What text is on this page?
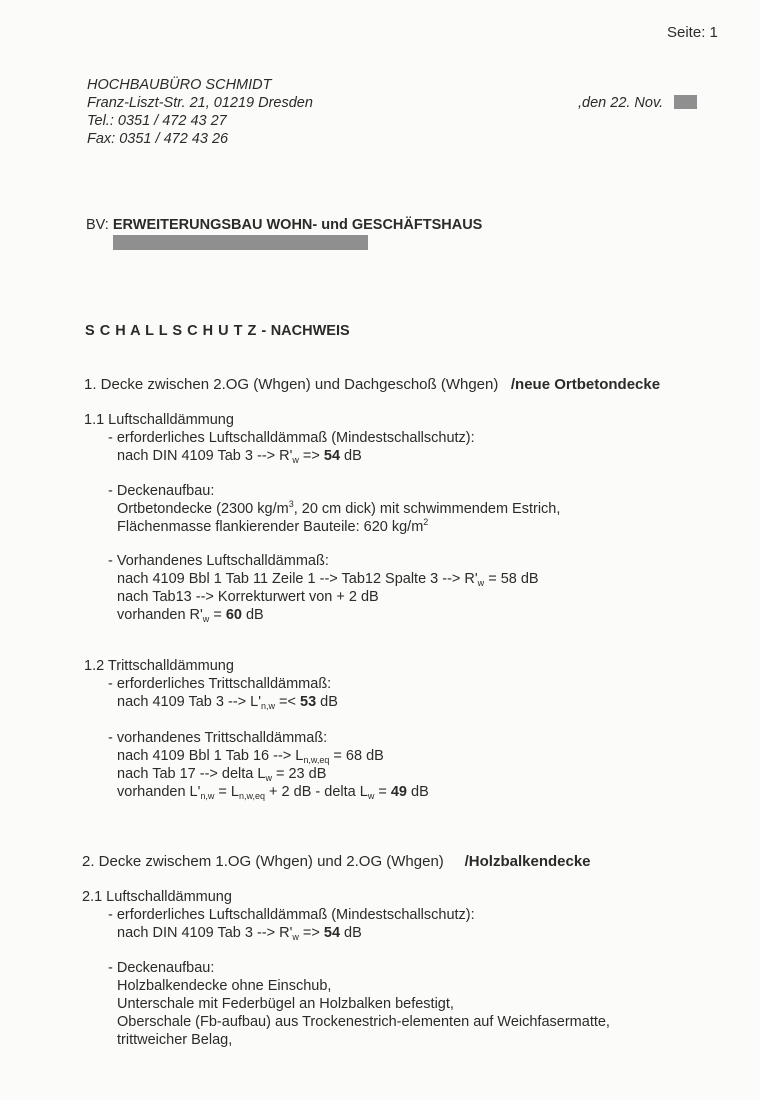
Seite: 1
HOCHBAUBÜRO SCHMIDT
Franz-Liszt-Str. 21, 01219 Dresden
Tel.: 0351 / 472 43 27
Fax: 0351 / 472 43 26
,den 22. Nov.
BV: ERWEITERUNGSBAU WOHN- und GESCHÄFTSHAUS
S C H A L L S C H U T Z - NACHWEIS
1. Decke zwischen 2.OG (Whgen) und Dachgeschoß (Whgen) /neue Ortbetondecke
1.1 Luftschalldämmung
- erforderliches Luftschalldämmaß (Mindestschallschutz):
nach DIN 4109 Tab 3 --> $R'_w => 54$ dB
- Deckenaufbau:
Ortbetondecke (2300 $kg/m^3$, 20 cm dick) mit schwimmendem Estrich,
Flächenmasse flankierender Bauteile: 620 $kg/m^2$
- Vorhandenes Luftschalldämmaß:
nach 4109 Bbl 1 Tab 11 Zeile 1 --> Tab12 Spalte 3 --> $R'_w = 58$ dB
nach Tab13 --> Korrekturwert von + 2 dB
vorhanden $R'_w = 60$ dB
1.2 Trittschalldämmung
- erforderliches Trittschalldämmaß:
nach 4109 Tab 3 --> $L'_{n,w} =< 53$ dB
- vorhandenes Trittschalldämmaß:
nach 4109 Bbl 1 Tab 16 --> $L_{n,w,eq} = 68$ dB
nach Tab 17 --> delta $L_w = 23$ dB
vorhanden $L'_{n,w} = L_{n,w,eq} + 2$ dB - delta $L_w = 49$ dB
2. Decke zwischem 1.OG (Whgen) und 2.OG (Whgen) /Holzbalkendecke
2.1 Luftschalldämmung
- erforderliches Luftschalldämmaß (Mindestschallschutz):
nach DIN 4109 Tab 3 --> $R'_w => 54$ dB
- Deckenaufbau:
Holzbalkendecke ohne Einschub,
Unterschale mit Federbügel an Holzbalken befestigt,
Oberschale (Fb-aufbau) aus Trockenestrich-elementen auf Weichfasermatte,
trittweicher Belag,
